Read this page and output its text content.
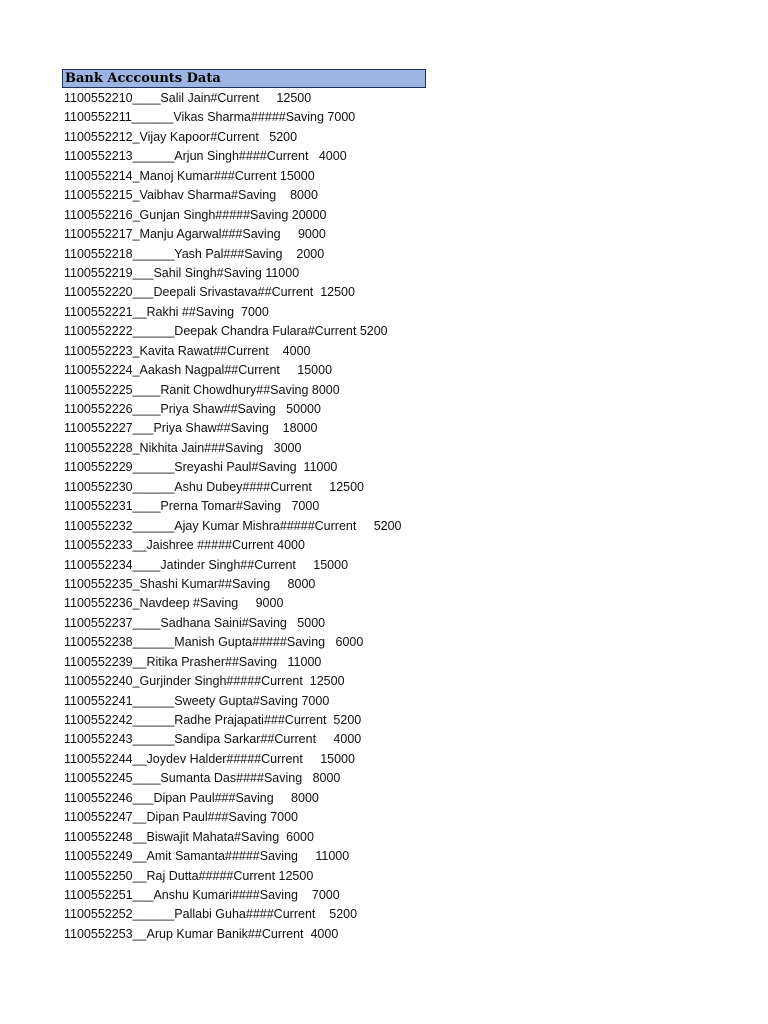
Bank Acccounts Data
1100552210____Salil Jain#Current     12500
1100552211______Vikas Sharma#####Saving 7000
1100552212_Vijay Kapoor#Current   5200
1100552213______Arjun Singh####Current   4000
1100552214_Manoj Kumar###Current 15000
1100552215_Vaibhav Sharma#Saving    8000
1100552216_Gunjan Singh#####Saving 20000
1100552217_Manju Agarwal###Saving     9000
1100552218______Yash Pal###Saving    2000
1100552219___Sahil Singh#Saving 11000
1100552220___Deepali Srivastava##Current  12500
1100552221__Rakhi ##Saving  7000
1100552222______Deepak Chandra Fulara#Current 5200
1100552223_Kavita Rawat##Current    4000
1100552224_Aakash Nagpal##Current     15000
1100552225____Ranit Chowdhury##Saving 8000
1100552226____Priya Shaw##Saving   50000
1100552227___Priya Shaw##Saving    18000
1100552228_Nikhita Jain###Saving   3000
1100552229______Sreyashi Paul#Saving  11000
1100552230______Ashu Dubey####Current     12500
1100552231____Prerna Tomar#Saving   7000
1100552232______Ajay Kumar Mishra#####Current     5200
1100552233__Jaishree #####Current 4000
1100552234____Jatinder Singh##Current     15000
1100552235_Shashi Kumar##Saving     8000
1100552236_Navdeep #Saving     9000
1100552237____Sadhana Saini#Saving   5000
1100552238______Manish Gupta#####Saving   6000
1100552239__Ritika Prasher##Saving   11000
1100552240_Gurjinder Singh#####Current  12500
1100552241______Sweety Gupta#Saving 7000
1100552242______Radhe Prajapati###Current  5200
1100552243______Sandipa Sarkar##Current     4000
1100552244__Joydev Halder#####Current     15000
1100552245____Sumanta Das####Saving   8000
1100552246___Dipan Paul###Saving     8000
1100552247__Dipan Paul###Saving 7000
1100552248__Biswajit Mahata#Saving  6000
1100552249__Amit Samanta#####Saving     11000
1100552250__Raj Dutta#####Current 12500
1100552251___Anshu Kumari####Saving    7000
1100552252______Pallabi Guha####Current    5200
1100552253__Arup Kumar Banik##Current  4000
